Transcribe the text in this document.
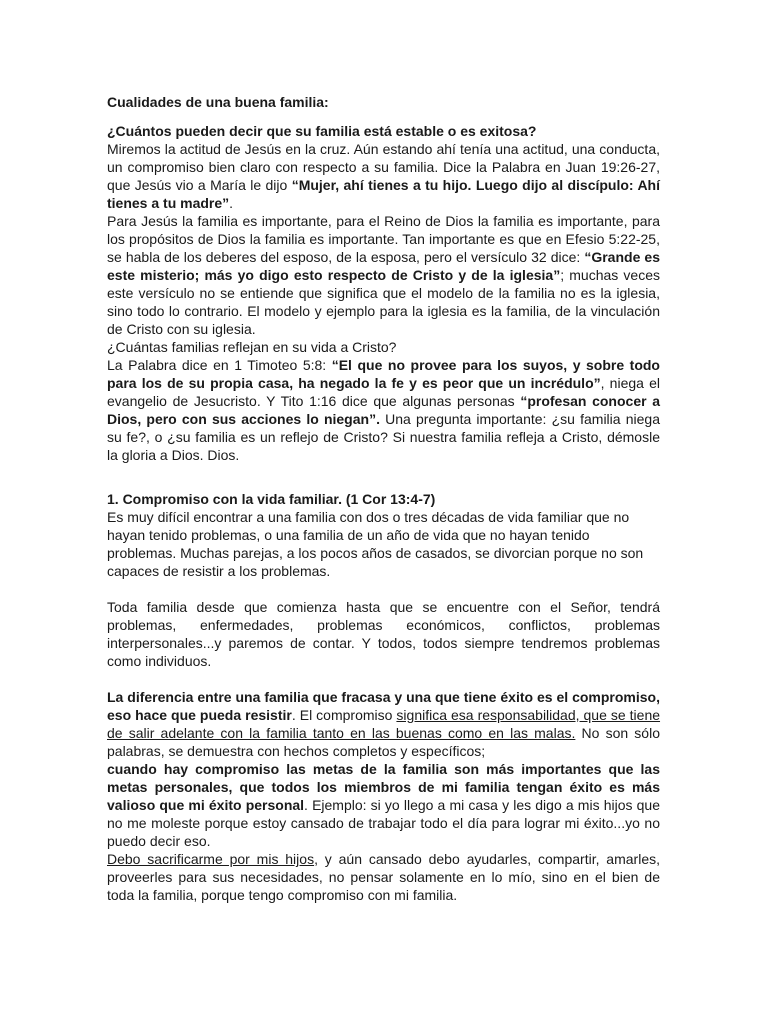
Cualidades de una buena familia:

¿Cuántos pueden decir que su familia está estable o es exitosa?

Miremos la actitud de Jesús en la cruz. Aún estando ahí tenía una actitud, una conducta, un compromiso bien claro con respecto a su familia. Dice la Palabra en Juan 19:26-27, que Jesús vio a María le dijo “Mujer, ahí tienes a tu hijo. Luego dijo al discípulo: Ahí tienes a tu madre”.

Para Jesús la familia es importante, para el Reino de Dios la familia es importante, para los propósitos de Dios la familia es importante. Tan importante es que en Efesio 5:22-25, se habla de los deberes del esposo, de la esposa, pero el versículo 32 dice: “Grande es este misterio; más yo digo esto respecto de Cristo y de la iglesia”; muchas veces este versículo no se entiende que significa que el modelo de la familia no es la iglesia, sino todo lo contrario. El modelo y ejemplo para la iglesia es la familia, de la vinculación de Cristo con su iglesia.

¿Cuántas familias reflejan en su vida a Cristo?

La Palabra dice en 1 Timoteo 5:8: “El que no provee para los suyos, y sobre todo para los de su propia casa, ha negado la fe y es peor que un incrédulo”, niega el evangelio de Jesucristo. Y Tito 1:16 dice que algunas personas “profesan conocer a Dios, pero con sus acciones lo niegan”. Una pregunta importante: ¿su familia niega su fe?, o ¿su familia es un reflejo de Cristo? Si nuestra familia refleja a Cristo, démosle la gloria a Dios. Dios.

1. Compromiso con la vida familiar. (1 Cor 13:4-7)

Es muy difícil encontrar a una familia con dos o tres décadas de vida familiar que no hayan tenido problemas, o una familia de un año de vida que no hayan tenido problemas. Muchas parejas, a los pocos años de casados, se divorcian porque no son capaces de resistir a los problemas.

Toda familia desde que comienza hasta que se encuentre con el Señor, tendrá problemas, enfermedades, problemas económicos, conflictos, problemas interpersonales...y paremos de contar. Y todos, todos siempre tendremos problemas como individuos.

La diferencia entre una familia que fracasa y una que tiene éxito es el compromiso, eso hace que pueda resistir. El compromiso significa esa responsabilidad, que se tiene de salir adelante con la familia tanto en las buenas como en las malas. No son sólo palabras, se demuestra con hechos completos y específicos;

cuando hay compromiso las metas de la familia son más importantes que las metas personales, que todos los miembros de mi familia tengan éxito es más valioso que mi éxito personal. Ejemplo: si yo llego a mi casa y les digo a mis hijos que no me moleste porque estoy cansado de trabajar todo el día para lograr mi éxito...yo no puedo decir eso.

Debo sacrificarme por mis hijos, y aún cansado debo ayudarles, compartir, amarles, proveerles para sus necesidades, no pensar solamente en lo mío, sino en el bien de toda la familia, porque tengo compromiso con mi familia.
